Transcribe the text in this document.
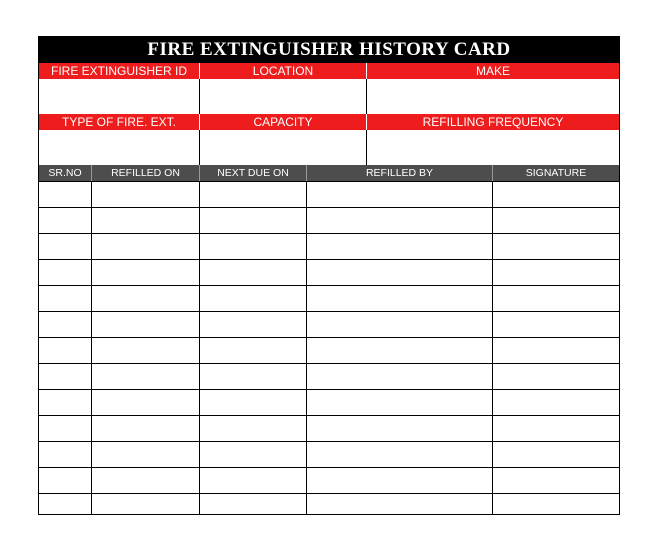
FIRE EXTINGUISHER HISTORY CARD
FIRE EXTINGUISHER ID	LOCATION	MAKE
TYPE OF FIRE. EXT.	CAPACITY	REFILLING FREQUENCY
SR.NO	REFILLED ON	NEXT DUE ON	REFILLED BY	SIGNATURE
